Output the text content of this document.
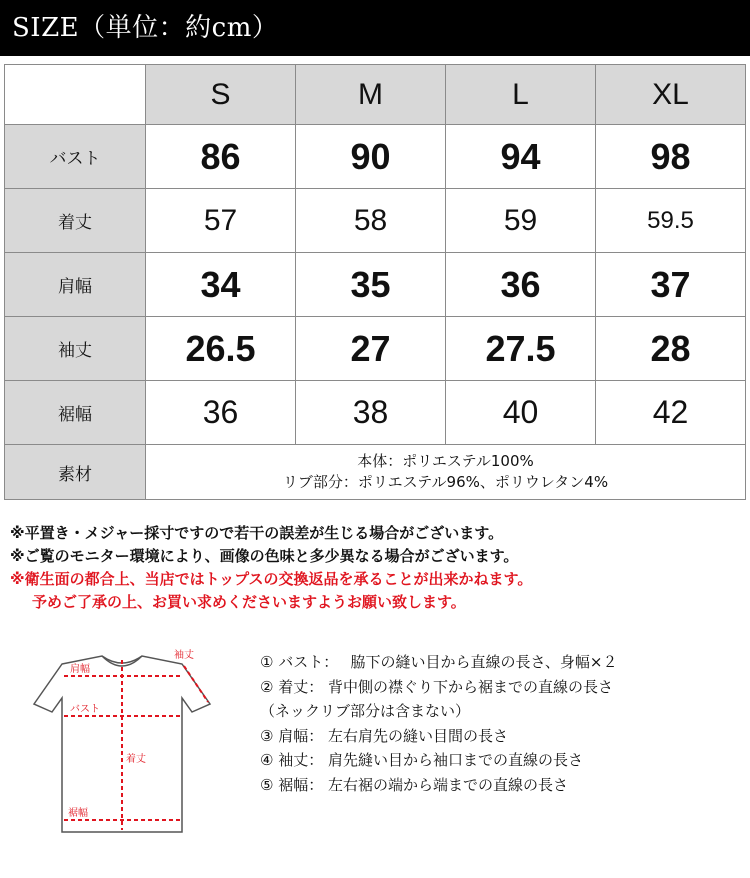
SIZE（単位：約cm）
	S	M	L	XL
バスト	86	90	94	98
着丈	57	58	59	59.5
肩幅	34	35	36	37
袖丈	26.5	27	27.5	28
裾幅	36	38	40	42
素材	本体：ポリエステル100%
リブ部分：ポリエステル96%、ポリウレタン4%			
※平置き・メジャー採寸ですので若干の誤差が生じる場合がございます。
※ご覧のモニター環境により、画像の色味と多少異なる場合がございます。
※衛生面の都合上、当店ではトップスの交換返品を承ることが出来かねます。
予めご了承の上、お買い求めくださいますようお願い致します。
袖丈
肩幅
バスト
着丈
裾幅
① バスト：　 脇下の縫い目から直線の長さ、身幅×２
② 着丈： 背中側の襟ぐり下から裾までの直線の長さ
（ネックリブ部分は含まない）
③ 肩幅： 左右肩先の縫い目間の長さ
④ 袖丈： 肩先縫い目から袖口までの直線の長さ
⑤ 裾幅： 左右裾の端から端までの直線の長さ
